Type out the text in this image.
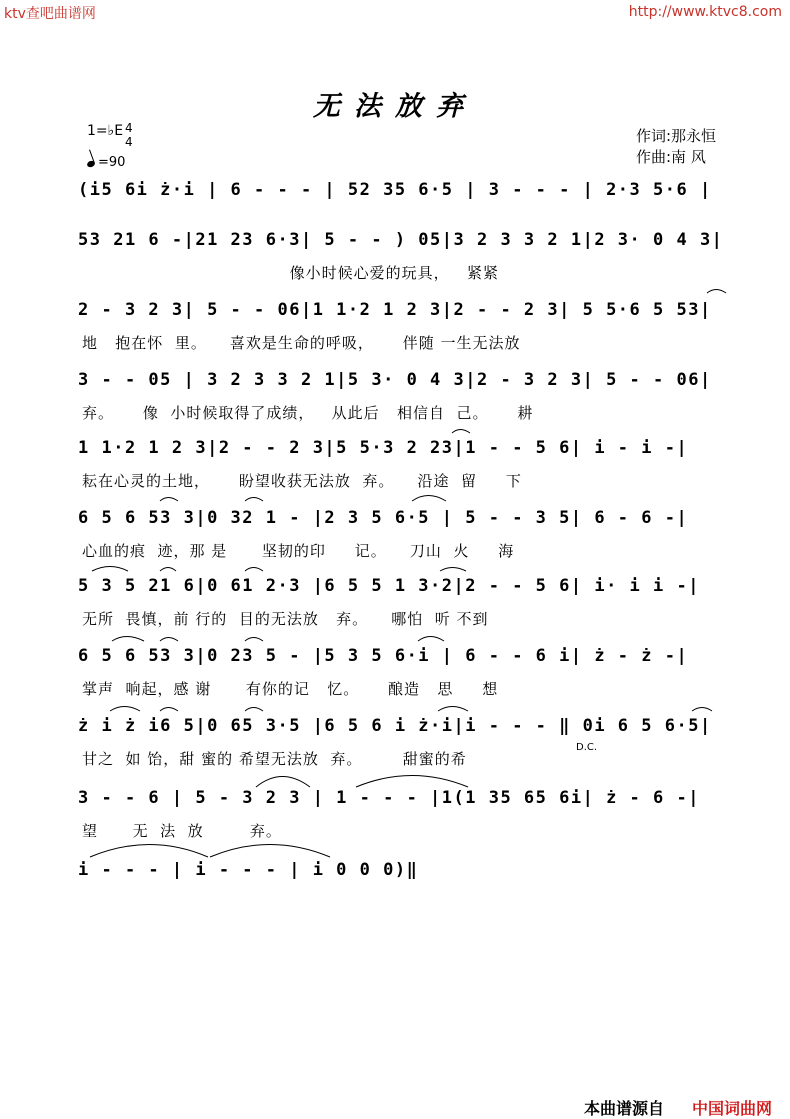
ktv查吧曲谱网	http://www.ktvc8.com
无法放弃
1=♭E 4
4
=90
作词:那永恒
作曲:南 风
(i5 6i ż·i | 6 - - - | 52 35 6·5 | 3 - - - | 2·3 5·6 |
53 21 6 -|21 23 6·3| 5 - - ) 05|3 2 3 3 2 1|2 3· 0 4 3|
像小时候心爱的玩具，   紧紧
2 - 3 2 3| 5 - - 06|1 1·2 1 2 3|2 - - 2 3| 5 5·6 5 53|
地   抱在怀  里。    喜欢是生命的呼吸，     伴随 一生无法放
3 - - 05 | 3 2 3 3 2 1|5 3· 0 4 3|2 - 3 2 3| 5 - - 06|
弃。     像  小时候取得了成绩，   从此后   相信自  己。     耕
1 1·2 1 2 3|2 - - 2 3|5 5·3 2 23|1 - - 5 6| i - i -|
耘在心灵的土地，     盼望收获无法放  弃。    沿途  留     下
6 5 6 53 3|0 32 1 - |2 3 5 6·5 | 5 - - 3 5| 6 - 6 -|
心血的痕  迹，那 是      坚韧的印     记。    刀山  火     海
5 3 5 21 6|0 61 2·3 |6 5 5 1 3·2|2 - - 5 6| i· i i -|
无所  畏慎，前 行的  目的无法放   弃。    哪怕  听 不到
6 5 6 53 3|0 23 5 - |5 3 5 6·i | 6 - - 6 i| ż - ż -|
掌声  响起，感 谢      有你的记   忆。     酿造   思     想
ż i ż i6 5|0 65 3·5 |6 5 6 i ż·i|i - - - ‖ 0i 6 5 6·5|
甘之  如 饴，甜 蜜的 希望无法放  弃。       甜蜜的希
3 - - 6 | 5 - 3 2 3 | 1 - - - |1(1 35 65 6i| ż - 6 -|
望      无  法  放        弃。
i - - - | i - - - | i 0 0 0)‖
D.C.
本曲谱源自 中国词曲网
